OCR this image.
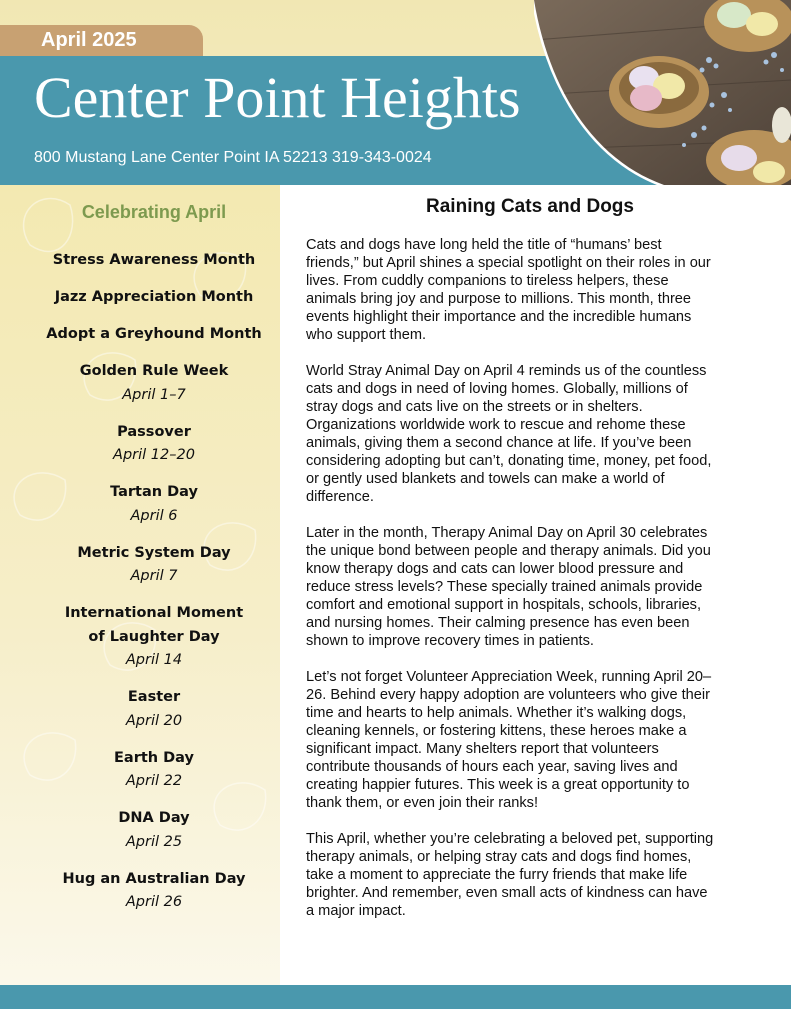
April 2025
Center Point Heights
800 Mustang Lane Center Point IA 52213 319-343-0024
Celebrating April
Stress Awareness Month
Jazz Appreciation Month
Adopt a Greyhound Month
Golden Rule Week
April 1–7
Passover
April 12–20
Tartan Day
April 6
Metric System Day
April 7
International Moment
of Laughter Day
April 14
Easter
April 20
Earth Day
April 22
DNA Day
April 25
Hug an Australian Day
April 26
Raining Cats and Dogs

Cats and dogs have long held the title of “humans’ best friends,” but April shines a special spotlight on their roles in our lives. From cuddly companions to tireless helpers, these animals bring joy and purpose to millions. This month, three events highlight their importance and the incredible humans who support them.

World Stray Animal Day on April 4 reminds us of the countless cats and dogs in need of loving homes. Globally, millions of stray dogs and cats live on the streets or in shelters. Organizations worldwide work to rescue and rehome these animals, giving them a second chance at life. If you’ve been considering adopting but can’t, donating time, money, pet food, or gently used blankets and towels can make a world of difference.

Later in the month, Therapy Animal Day on April 30 celebrates the unique bond between people and therapy animals. Did you know therapy dogs and cats can lower blood pressure and reduce stress levels? These specially trained animals provide comfort and emotional support in hospitals, schools, libraries, and nursing homes. Their calming presence has even been shown to improve recovery times in patients.

Let’s not forget Volunteer Appreciation Week, running April 20–26. Behind every happy adoption are volunteers who give their time and hearts to help animals. Whether it’s walking dogs, cleaning kennels, or fostering kittens, these heroes make a significant impact. Many shelters report that volunteers contribute thousands of hours each year, saving lives and creating happier futures. This week is a great opportunity to thank them, or even join their ranks!

This April, whether you’re celebrating a beloved pet, supporting therapy animals, or helping stray cats and dogs find homes, take a moment to appreciate the furry friends that make life brighter. And remember, even small acts of kindness can have a major impact.
